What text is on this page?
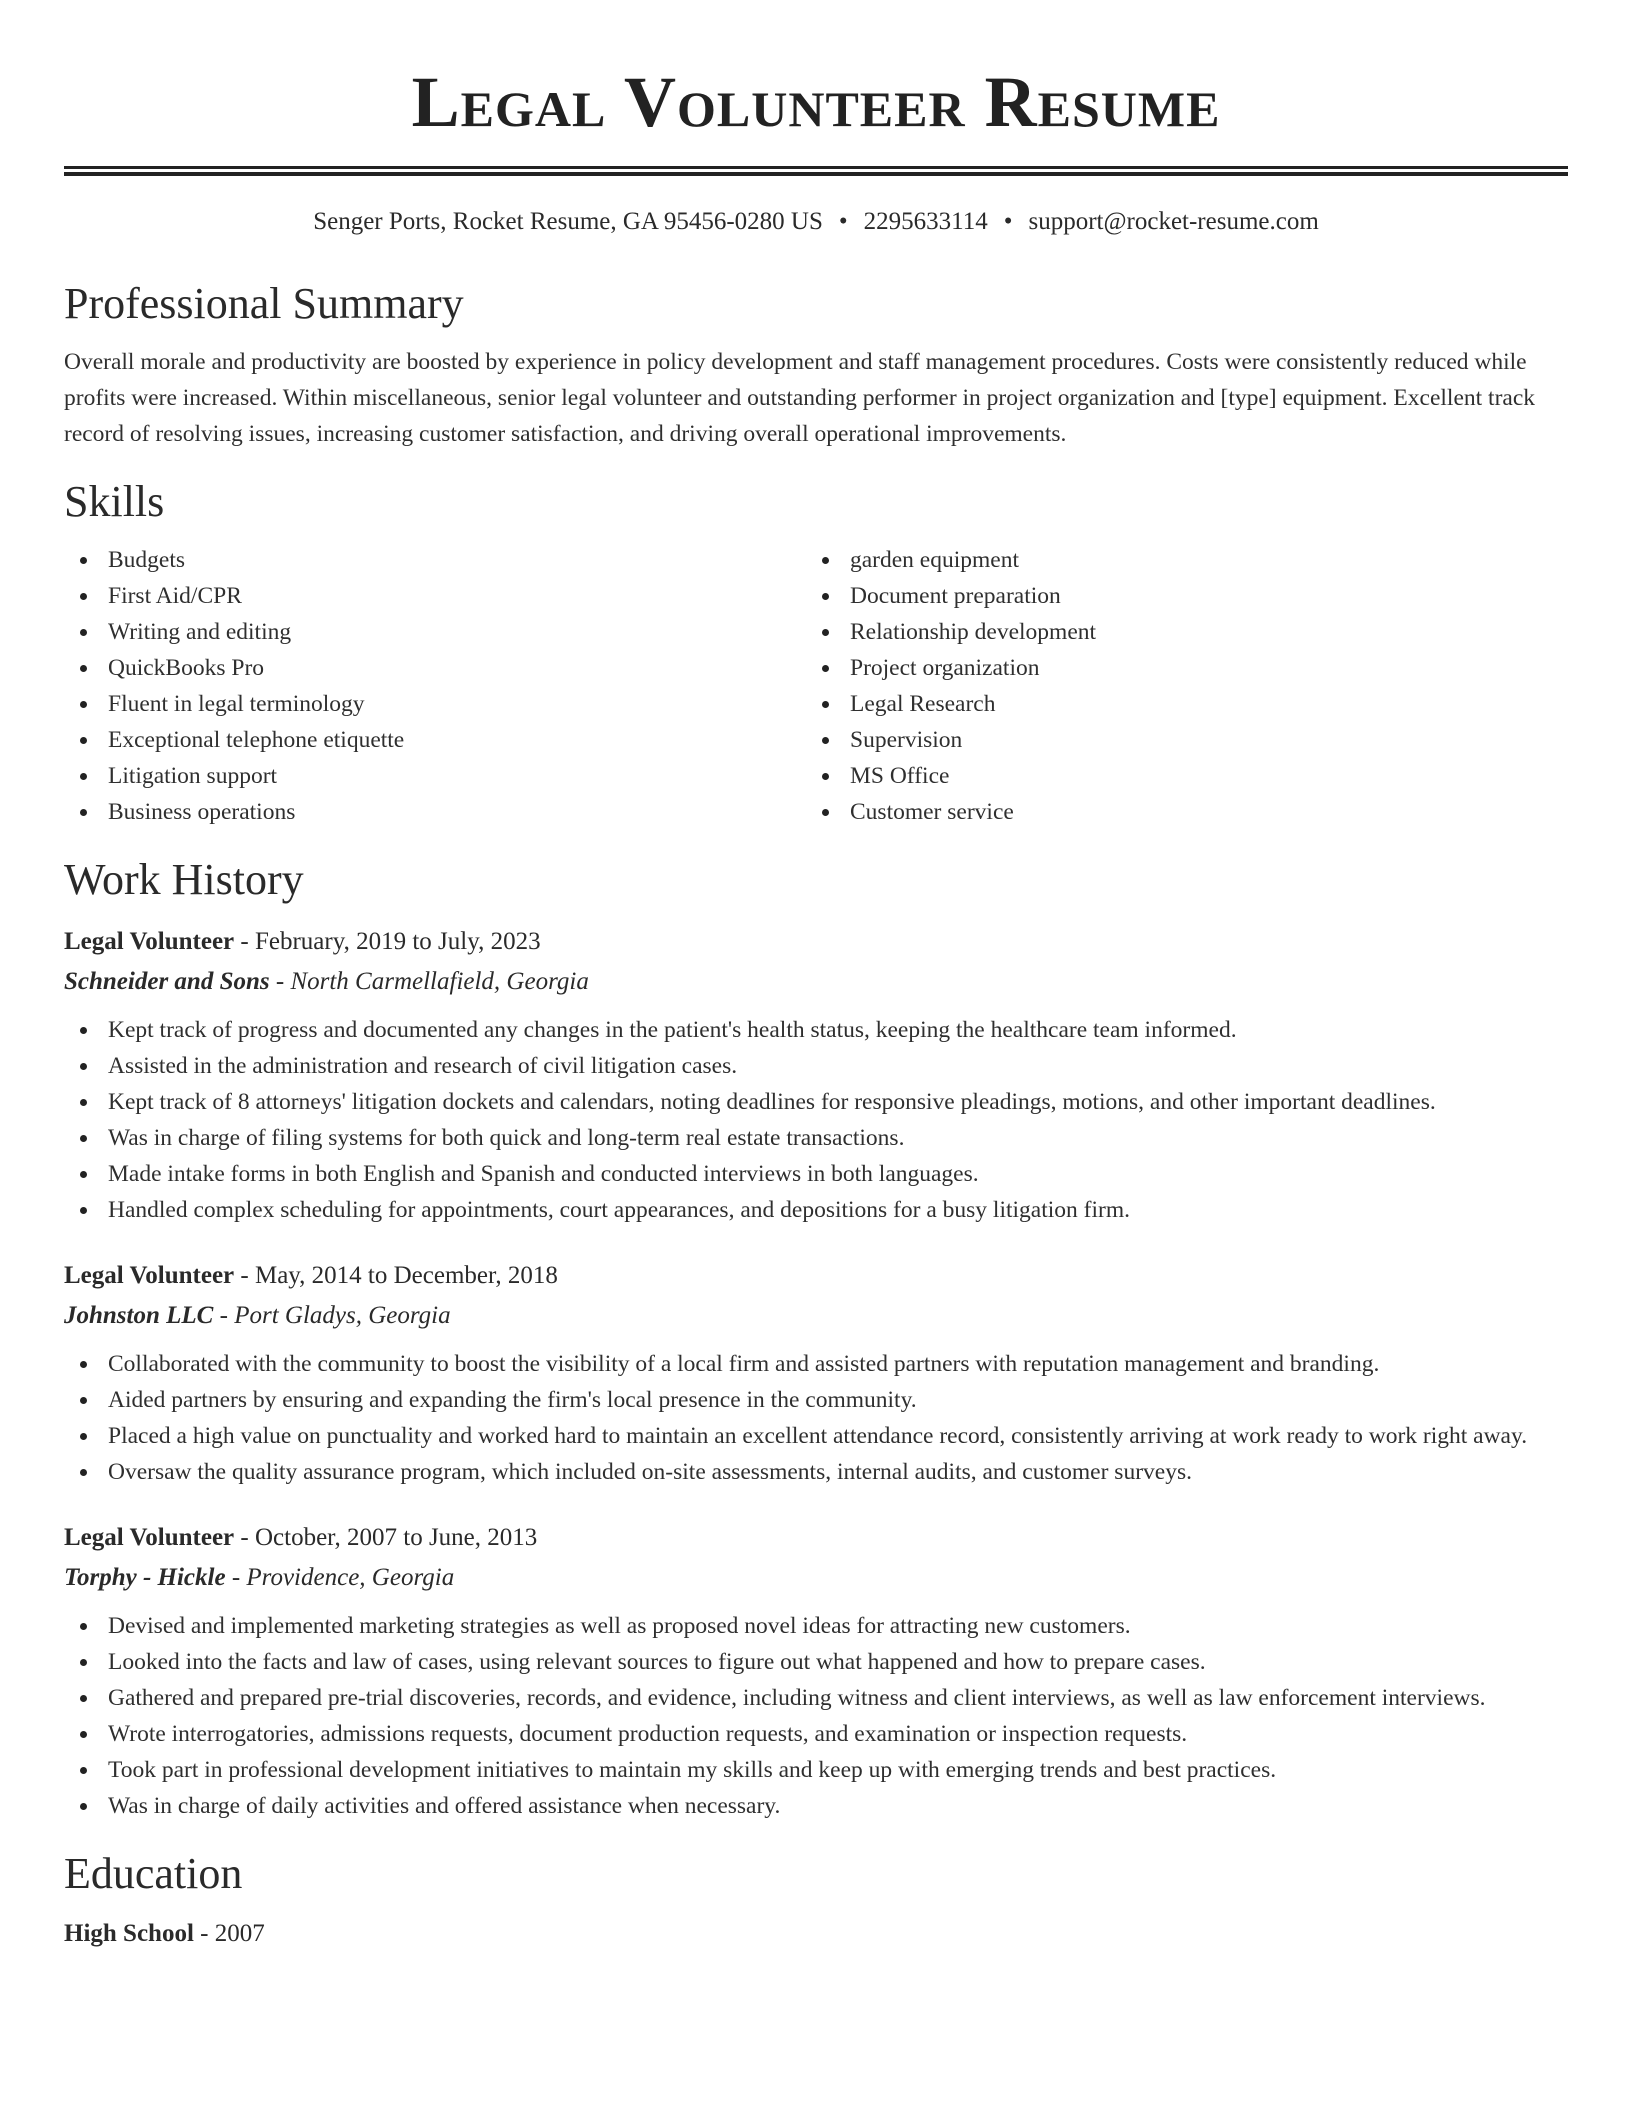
Legal Volunteer Resume
Senger Ports, Rocket Resume, GA 95456-0280 US • 2295633114 • support@rocket-resume.com
Professional Summary

Overall morale and productivity are boosted by experience in policy development and staff management procedures. Costs were consistently reduced while profits were increased. Within miscellaneous, senior legal volunteer and outstanding performer in project organization and [type] equipment. Excellent track record of resolving issues, increasing customer satisfaction, and driving overall operational improvements.

Skills
Budgets
First Aid/CPR
Writing and editing
QuickBooks Pro
Fluent in legal terminology
Exceptional telephone etiquette
Litigation support
Business operations
garden equipment
Document preparation
Relationship development
Project organization
Legal Research
Supervision
MS Office
Customer service
Work History
Legal Volunteer - February, 2019 to July, 2023
Schneider and Sons - North Carmellafield, Georgia
Kept track of progress and documented any changes in the patient's health status, keeping the healthcare team informed.
Assisted in the administration and research of civil litigation cases.
Kept track of 8 attorneys' litigation dockets and calendars, noting deadlines for responsive pleadings, motions, and other important deadlines.
Was in charge of filing systems for both quick and long-term real estate transactions.
Made intake forms in both English and Spanish and conducted interviews in both languages.
Handled complex scheduling for appointments, court appearances, and depositions for a busy litigation firm.
Legal Volunteer - May, 2014 to December, 2018
Johnston LLC - Port Gladys, Georgia
Collaborated with the community to boost the visibility of a local firm and assisted partners with reputation management and branding.
Aided partners by ensuring and expanding the firm's local presence in the community.
Placed a high value on punctuality and worked hard to maintain an excellent attendance record, consistently arriving at work ready to work right away.
Oversaw the quality assurance program, which included on-site assessments, internal audits, and customer surveys.
Legal Volunteer - October, 2007 to June, 2013
Torphy - Hickle - Providence, Georgia
Devised and implemented marketing strategies as well as proposed novel ideas for attracting new customers.
Looked into the facts and law of cases, using relevant sources to figure out what happened and how to prepare cases.
Gathered and prepared pre-trial discoveries, records, and evidence, including witness and client interviews, as well as law enforcement interviews.
Wrote interrogatories, admissions requests, document production requests, and examination or inspection requests.
Took part in professional development initiatives to maintain my skills and keep up with emerging trends and best practices.
Was in charge of daily activities and offered assistance when necessary.
Education
High School - 2007
